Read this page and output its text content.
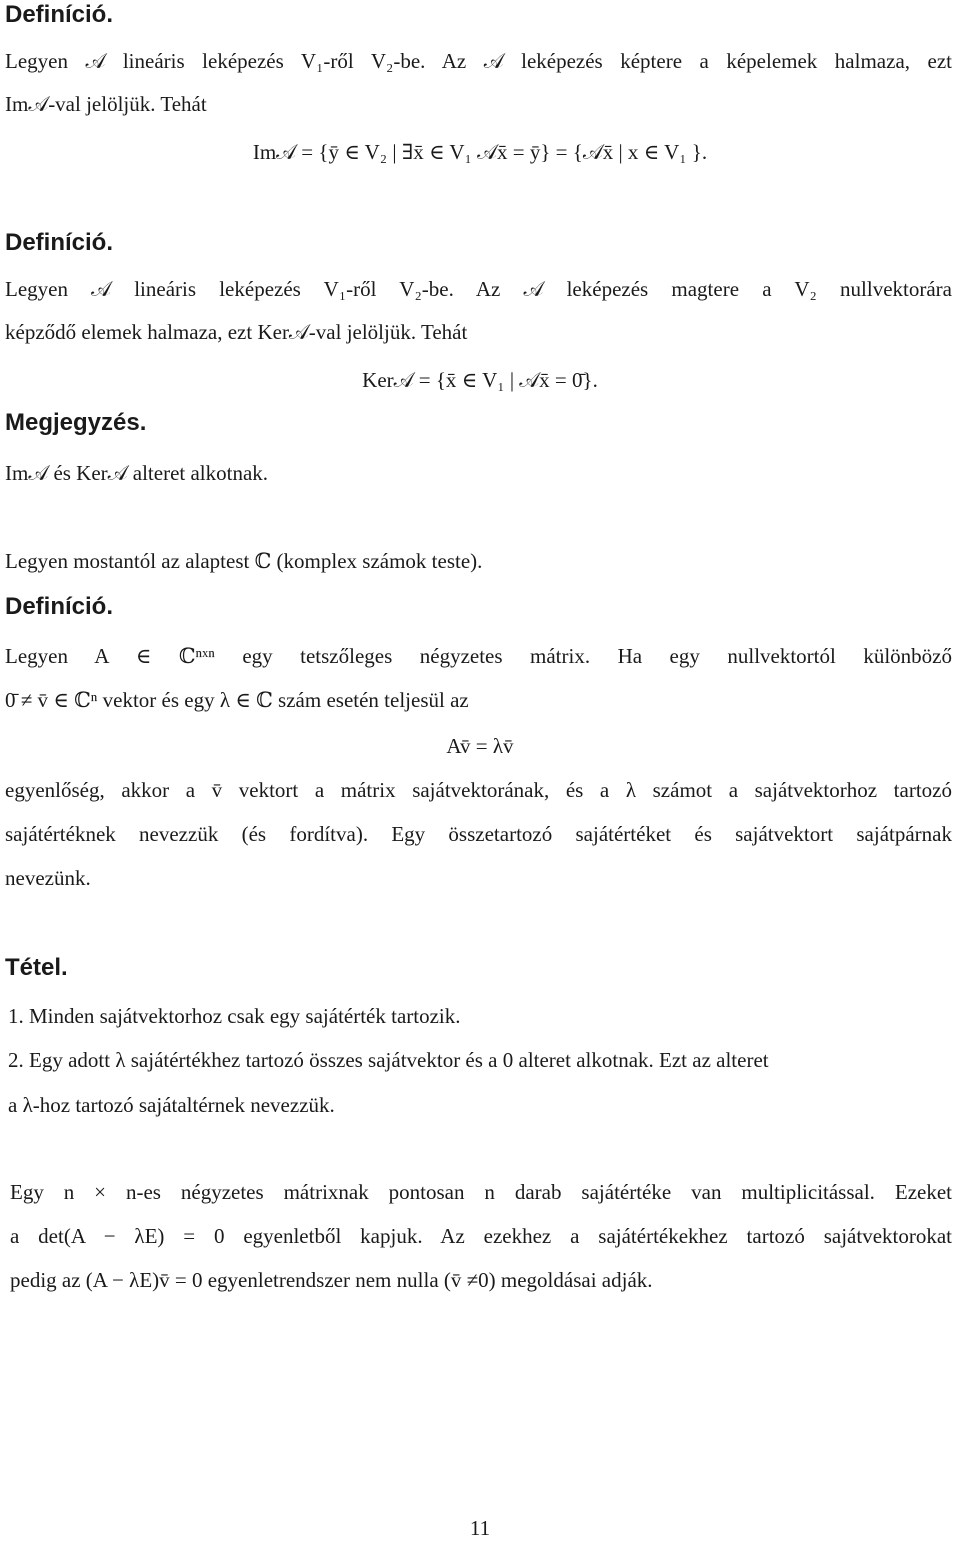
Definíció.
Legyen 𝒜 lineáris leképezés V₁-ről V₂-be. Az 𝒜 leképezés képtere a képelemek halmaza, ezt
Im𝒜-val jelöljük. Tehát
Im𝒜 = {ȳ ∈ V₂ | ∃x̄ ∈ V₁ 𝒜x̄ = ȳ} = {𝒜x̄ | x ∈ V₁ }.
Definíció.
Legyen 𝒜 lineáris leképezés V₁-ről V₂-be. Az 𝒜 leképezés magtere a V₂ nullvektorára
képződő elemek halmaza, ezt Ker𝒜-val jelöljük. Tehát
Ker𝒜 = {x̄ ∈ V₁ | 𝒜x̄ = 0̄}.
Megjegyzés.
Im𝒜 és Ker𝒜 alteret alkotnak.
Legyen mostantól az alaptest ℂ (komplex számok teste).
Definíció.
Legyen A ∈ ℂⁿˣⁿ egy tetszőleges négyzetes mátrix. Ha egy nullvektortól különböző
0̄ ≠ v̄ ∈ ℂⁿ vektor és egy λ ∈ ℂ szám esetén teljesül az
Av̄ = λv̄
egyenlőség, akkor a v̄ vektort a mátrix sajátvektorának, és a λ számot a sajátvektorhoz tartozó
sajátértéknek nevezzük (és fordítva). Egy összetartozó sajátértéket és sajátvektort sajátpárnak
nevezünk.
Tétel.
1. Minden sajátvektorhoz csak egy sajátérték tartozik.
2. Egy adott λ sajátértékhez tartozó összes sajátvektor és a 0 alteret alkotnak. Ezt az alteret
a λ-hoz tartozó sajátaltérnek nevezzük.
Egy n × n-es négyzetes mátrixnak pontosan n darab sajátértéke van multiplicitással. Ezeket
a det(A − λE) = 0 egyenletből kapjuk. Az ezekhez a sajátértékekhez tartozó sajátvektorokat
pedig az (A − λE)v̄ = 0 egyenletrendszer nem nulla (v̄ ≠0) megoldásai adják.
11
